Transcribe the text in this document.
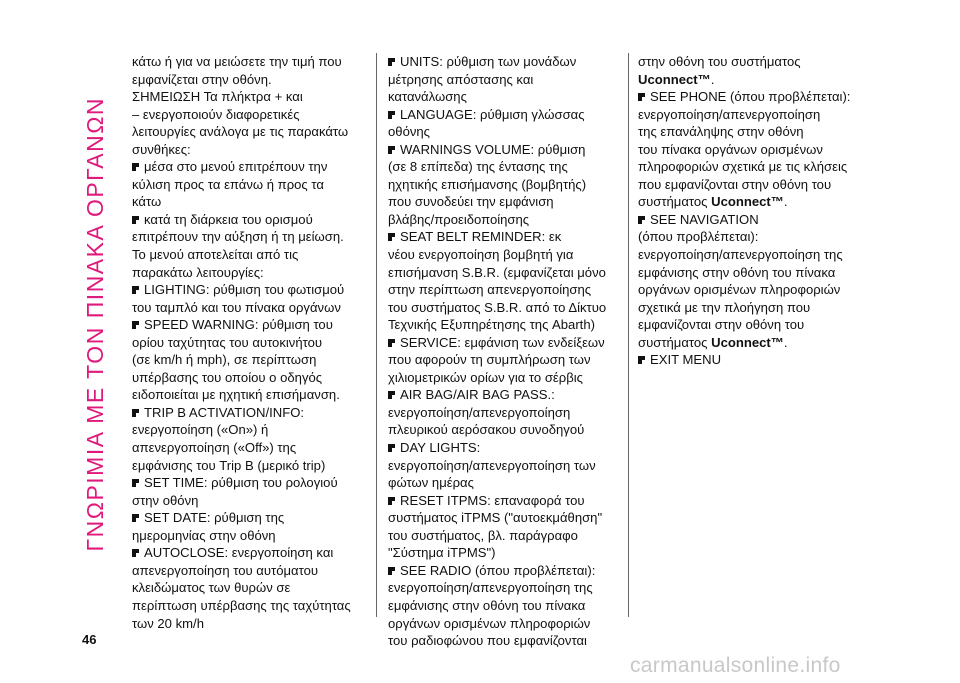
ΓΝΩΡΙΜΙΑ ΜΕ ΤΟΝ ΠΙΝΑΚΑ ΟΡΓΑΝΩΝ
κάτω ή για να μειώσετε την τιμή που
εμφανίζεται στην οθόνη.
ΣΗΜΕΙΩΣΗ Τα πλήκτρα + και
– ενεργοποιούν διαφορετικές
λειτουργίες ανάλογα με τις παρακάτω
συνθήκες:
μέσα στο μενού επιτρέπουν την
κύλιση προς τα επάνω ή προς τα
κάτω
κατά τη διάρκεια του ορισμού
επιτρέπουν την αύξηση ή τη μείωση.
Το μενού αποτελείται από τις
παρακάτω λειτουργίες:
LIGHTING: ρύθμιση του φωτισμού
του ταμπλό και του πίνακα οργάνων
SPEED WARNING: ρύθμιση του
ορίου ταχύτητας του αυτοκινήτου
(σε km/h ή mph), σε περίπτωση
υπέρβασης του οποίου ο οδηγός
ειδοποιείται με ηχητική επισήμανση.
TRIP B ACTIVATION/INFO:
ενεργοποίηση («On») ή
απενεργοποίηση («Off») της
εμφάνισης του Trip B (μερικό trip)
SET TIME: ρύθμιση του ρολογιού
στην οθόνη
SET DATE: ρύθμιση της
ημερομηνίας στην οθόνη
AUTOCLOSE: ενεργοποίηση και
απενεργοποίηση του αυτόματου
κλειδώματος των θυρών σε
περίπτωση υπέρβασης της ταχύτητας
των 20 km/h
UNITS: ρύθμιση των μονάδων
μέτρησης απόστασης και
κατανάλωσης
LANGUAGE: ρύθμιση γλώσσας
οθόνης
WARNINGS VOLUME: ρύθμιση
(σε 8 επίπεδα) της έντασης της
ηχητικής επισήμανσης (βομβητής)
που συνοδεύει την εμφάνιση
βλάβης/προειδοποίησης
SEAT BELT REMINDER: εκ
νέου ενεργοποίηση βομβητή για
επισήμανση S.B.R. (εμφανίζεται μόνο
στην περίπτωση απενεργοποίησης
του συστήματος S.B.R. από το Δίκτυο
Τεχνικής Εξυπηρέτησης της Abarth)
SERVICE: εμφάνιση των ενδείξεων
που αφορούν τη συμπλήρωση των
χιλιομετρικών ορίων για το σέρβις
AIR BAG/AIR BAG PASS.:
ενεργοποίηση/απενεργοποίηση
πλευρικού αερόσακου συνοδηγού
DAY LIGHTS:
ενεργοποίηση/απενεργοποίηση των
φώτων ημέρας
RESET ITPMS: επαναφορά του
συστήματος iTPMS ("αυτοεκμάθηση"
του συστήματος, βλ. παράγραφο
"Σύστημα iTPMS")
SEE RADIO (όπου προβλέπεται):
ενεργοποίηση/απενεργοποίηση της
εμφάνισης στην οθόνη του πίνακα
οργάνων ορισμένων πληροφοριών
του ραδιοφώνου που εμφανίζονται
στην οθόνη του συστήματος
Uconnect™.
SEE PHONE (όπου προβλέπεται):
ενεργοποίηση/απενεργοποίηση
της επανάληψης στην οθόνη
του πίνακα οργάνων ορισμένων
πληροφοριών σχετικά με τις κλήσεις
που εμφανίζονται στην οθόνη του
συστήματος Uconnect™.
SEE NAVIGATION
(όπου προβλέπεται):
ενεργοποίηση/απενεργοποίηση της
εμφάνισης στην οθόνη του πίνακα
οργάνων ορισμένων πληροφοριών
σχετικά με την πλοήγηση που
εμφανίζονται στην οθόνη του
συστήματος Uconnect™.
EXIT MENU
46
carmanualsonline.info
